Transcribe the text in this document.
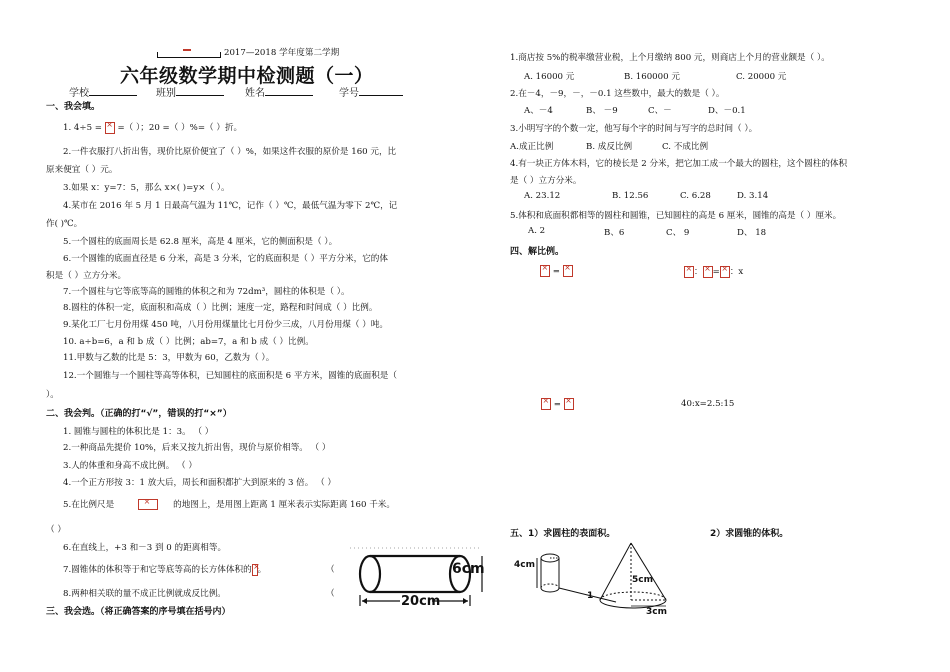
2017—2018 学年度第二学期
六年级数学期中检测题（一）
学校	班别	姓名	学号
一、我会填。
1. 4÷5 = × =（ ）；20 =（ ）%=（ ）折。
2.一件衣服打八折出售，现价比原价便宜了（ ）%，如果这件衣服的原价是 160 元，比
原来便宜（ ）元。
3.如果 x：y=7：5，那么 x×( )=y×（ ）。
4.某市在 2016 年 5 月 1 日最高气温为 11℃，记作（ ）℃，最低气温为零下 2℃，记
作( )℃。
5.一个圆柱的底面周长是 62.8 厘米，高是 4 厘米，它的侧面积是（ ）。
6.一个圆锥的底面直径是 6 分米，高是 3 分米，它的底面积是（ ）平方分米，它的体
积是（ ）立方分米。
7.一个圆柱与它等底等高的圆锥的体积之和为 72dm³，圆柱的体积是（ ）。
8.圆柱的体积一定，底面积和高成（ ）比例；速度一定，路程和时间成（ ）比例。
9.某化工厂七月份用煤 450 吨，八月份用煤量比七月份少三成，八月份用煤（ ）吨。
10. a÷b=6，a 和 b 成（ ）比例；ab=7，a 和 b 成（ ）比例。
11.甲数与乙数的比是 5：3，甲数为 60，乙数为（ ）。
12.一个圆锥与一个圆柱等高等体积，已知圆柱的底面积是 6 平方米，圆锥的底面积是（
）。
二、我会判。（正确的打“√”，错误的打“×”）
1. 圆锥与圆柱的体积比是 1：3。 （ ）
2.一种商品先提价 10%，后来又按九折出售，现价与原价相等。 （ ）
3.人的体重和身高不成比例。 （ ）
4.一个正方形按 3：1 放大后，周长和面积都扩大到原来的 3 倍。 （ ）
5.在比例尺是 ×	的地图上，是用图上距离 1 厘米表示实际距离 160 千米。
（ ）
6.在直线上，+3 和－3 到 0 的距离相等。
7.圆锥体的体积等于和它等底等高的长方体体积的 × 。	（
8.两种相关联的量不成正比例就成反比例。	（
三、我会选。（将正确答案的序号填在括号内）
6cm
20cm
1.商店按 5%的税率缴营业税，上个月缴纳 800 元，则商店上个月的营业额是（ ）。
A. 16000 元	B. 160000 元	C. 20000 元
2.在－4，－9，－，－0.1 这些数中，最大的数是（ ）。
A、－4	B、 －9	C、－	D、－0.1
3.小明写字的个数一定，他写每个字的时间与写字的总时间（ ）。
A.成正比例	B. 成反比例	C. 不成比例
4.有一块正方体木料，它的棱长是 2 分米，把它加工成一个最大的圆柱，这个圆柱的体积
是（ ）立方分米。
A. 23.12	B. 12.56	C. 6.28	D. 3.14
5.体积和底面积都相等的圆柱和圆锥，已知圆柱的高是 6 厘米，圆锥的高是（ ）厘米。
A. 2	B、6	C、 9	D、 18
四、解比例。
× = × ×	： × = × ：x
× = ×	40:x=2.5:15
五、1）求圆柱的表面积。	2）求圆锥的体积。
4cm
1
5cm
3cm
